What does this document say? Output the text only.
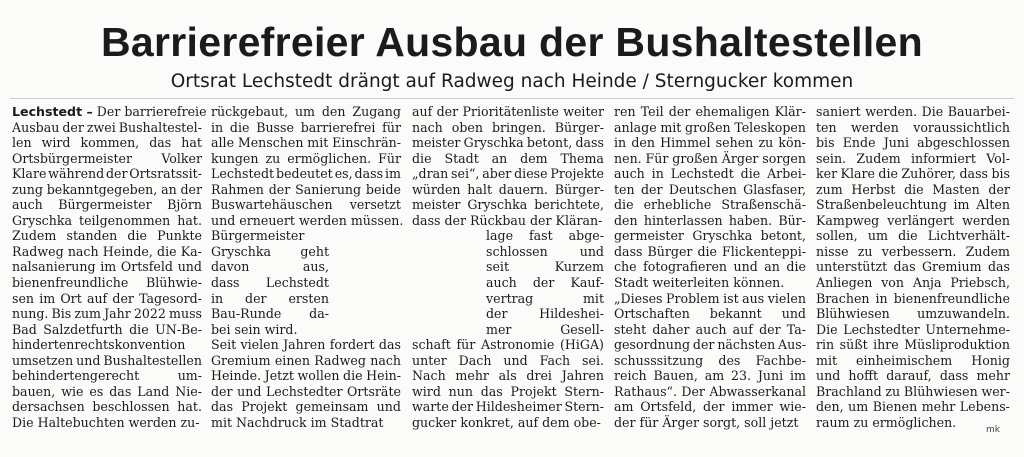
Barrierefreier Ausbau der Bushaltestellen
Ortsrat Lechstedt drängt auf Radweg nach Heinde / Sterngucker kommen
Lechstedt – Der barrierefreie
Ausbau der zwei Bushaltestel-
len wird kommen, das hat
Ortsbürgermeister Volker
Klare während der Ortsratssit-
zung bekanntgegeben, an der
auch Bürgermeister Björn
Gryschka teilgenommen hat.
Zudem standen die Punkte
Radweg nach Heinde, die Ka-
nalsanierung im Ortsfeld und
bienenfreundliche Blühwie-
sen im Ort auf der Tagesord-
nung. Bis zum Jahr 2022 muss
Bad Salzdetfurth die UN-Be-
hindertenrechtskonvention
umsetzen und Bushaltestellen
behindertengerecht	um-
bauen, wie es das Land Nie-
dersachsen beschlossen hat.
Die Haltebuchten werden zu-
rückgebaut, um den Zugang
in die Busse barrierefrei für
alle Menschen mit Einschrän-
kungen zu ermöglichen. Für
Lechstedt bedeutet es, dass im
Rahmen der Sanierung beide
Buswartehäuschen versetzt
und erneuert werden müssen.
Bürgermeister
Gryschka geht
davon	aus,
dass Lechstedt
in der ersten
Bau-Runde da-
bei sein wird.
Seit vielen Jahren fordert das
Gremium einen Radweg nach
Heinde. Jetzt wollen die Hein-
der und Lechstedter Ortsräte
das Projekt gemeinsam und
mit Nachdruck im Stadtrat
auf der Prioritätenliste weiter
nach oben bringen. Bürger-
meister Gryschka betont, dass
die Stadt an dem Thema
„dran sei“, aber diese Projekte
würden halt dauern. Bürger-
meister Gryschka berichtete,
dass der Rückbau der Kläran-
lage fast abge-
schlossen	und
seit	Kurzem
auch der Kauf-
vertrag	mit
der	Hildeshei-
mer	Gesell-
schaft für Astronomie (HiGA)
unter Dach und Fach sei.
Nach mehr als drei Jahren
wird nun das Projekt Stern-
warte der Hildesheimer Stern-
gucker konkret, auf dem obe-
ren Teil der ehemaligen Klär-
anlage mit großen Teleskopen
in den Himmel sehen zu kön-
nen. Für großen Ärger sorgen
auch in Lechstedt die Arbei-
ten der Deutschen Glasfaser,
die erhebliche Straßenschä-
den hinterlassen haben. Bür-
germeister Gryschka betont,
dass Bürger die Flickenteppi-
che fotografieren und an die
Stadt weiterleiten können.
„Dieses Problem ist aus vielen
Ortschaften bekannt und
steht daher auch auf der Ta-
gesordnung der nächsten Aus-
schusssitzung des Fachbe-
reich Bauen, am 23. Juni im
Rathaus“. Der Abwasserkanal
am Ortsfeld, der immer wie-
der für Ärger sorgt, soll jetzt
saniert werden. Die Bauarbei-
ten werden voraussichtlich
bis Ende Juni abgeschlossen
sein. Zudem informiert Vol-
ker Klare die Zuhörer, dass bis
zum Herbst die Masten der
Straßenbeleuchtung im Alten
Kampweg verlängert werden
sollen, um die Lichtverhält-
nisse zu verbessern. Zudem
unterstützt das Gremium das
Anliegen von Anja Priebsch,
Brachen in bienenfreundliche
Blühwiesen umzuwandeln.
Die Lechstedter Unternehme-
rin süßt ihre Müsliproduktion
mit einheimischem Honig
und hofft darauf, dass mehr
Brachland zu Blühwiesen wer-
den, um Bienen mehr Lebens-
raum zu ermöglichen.
mk
